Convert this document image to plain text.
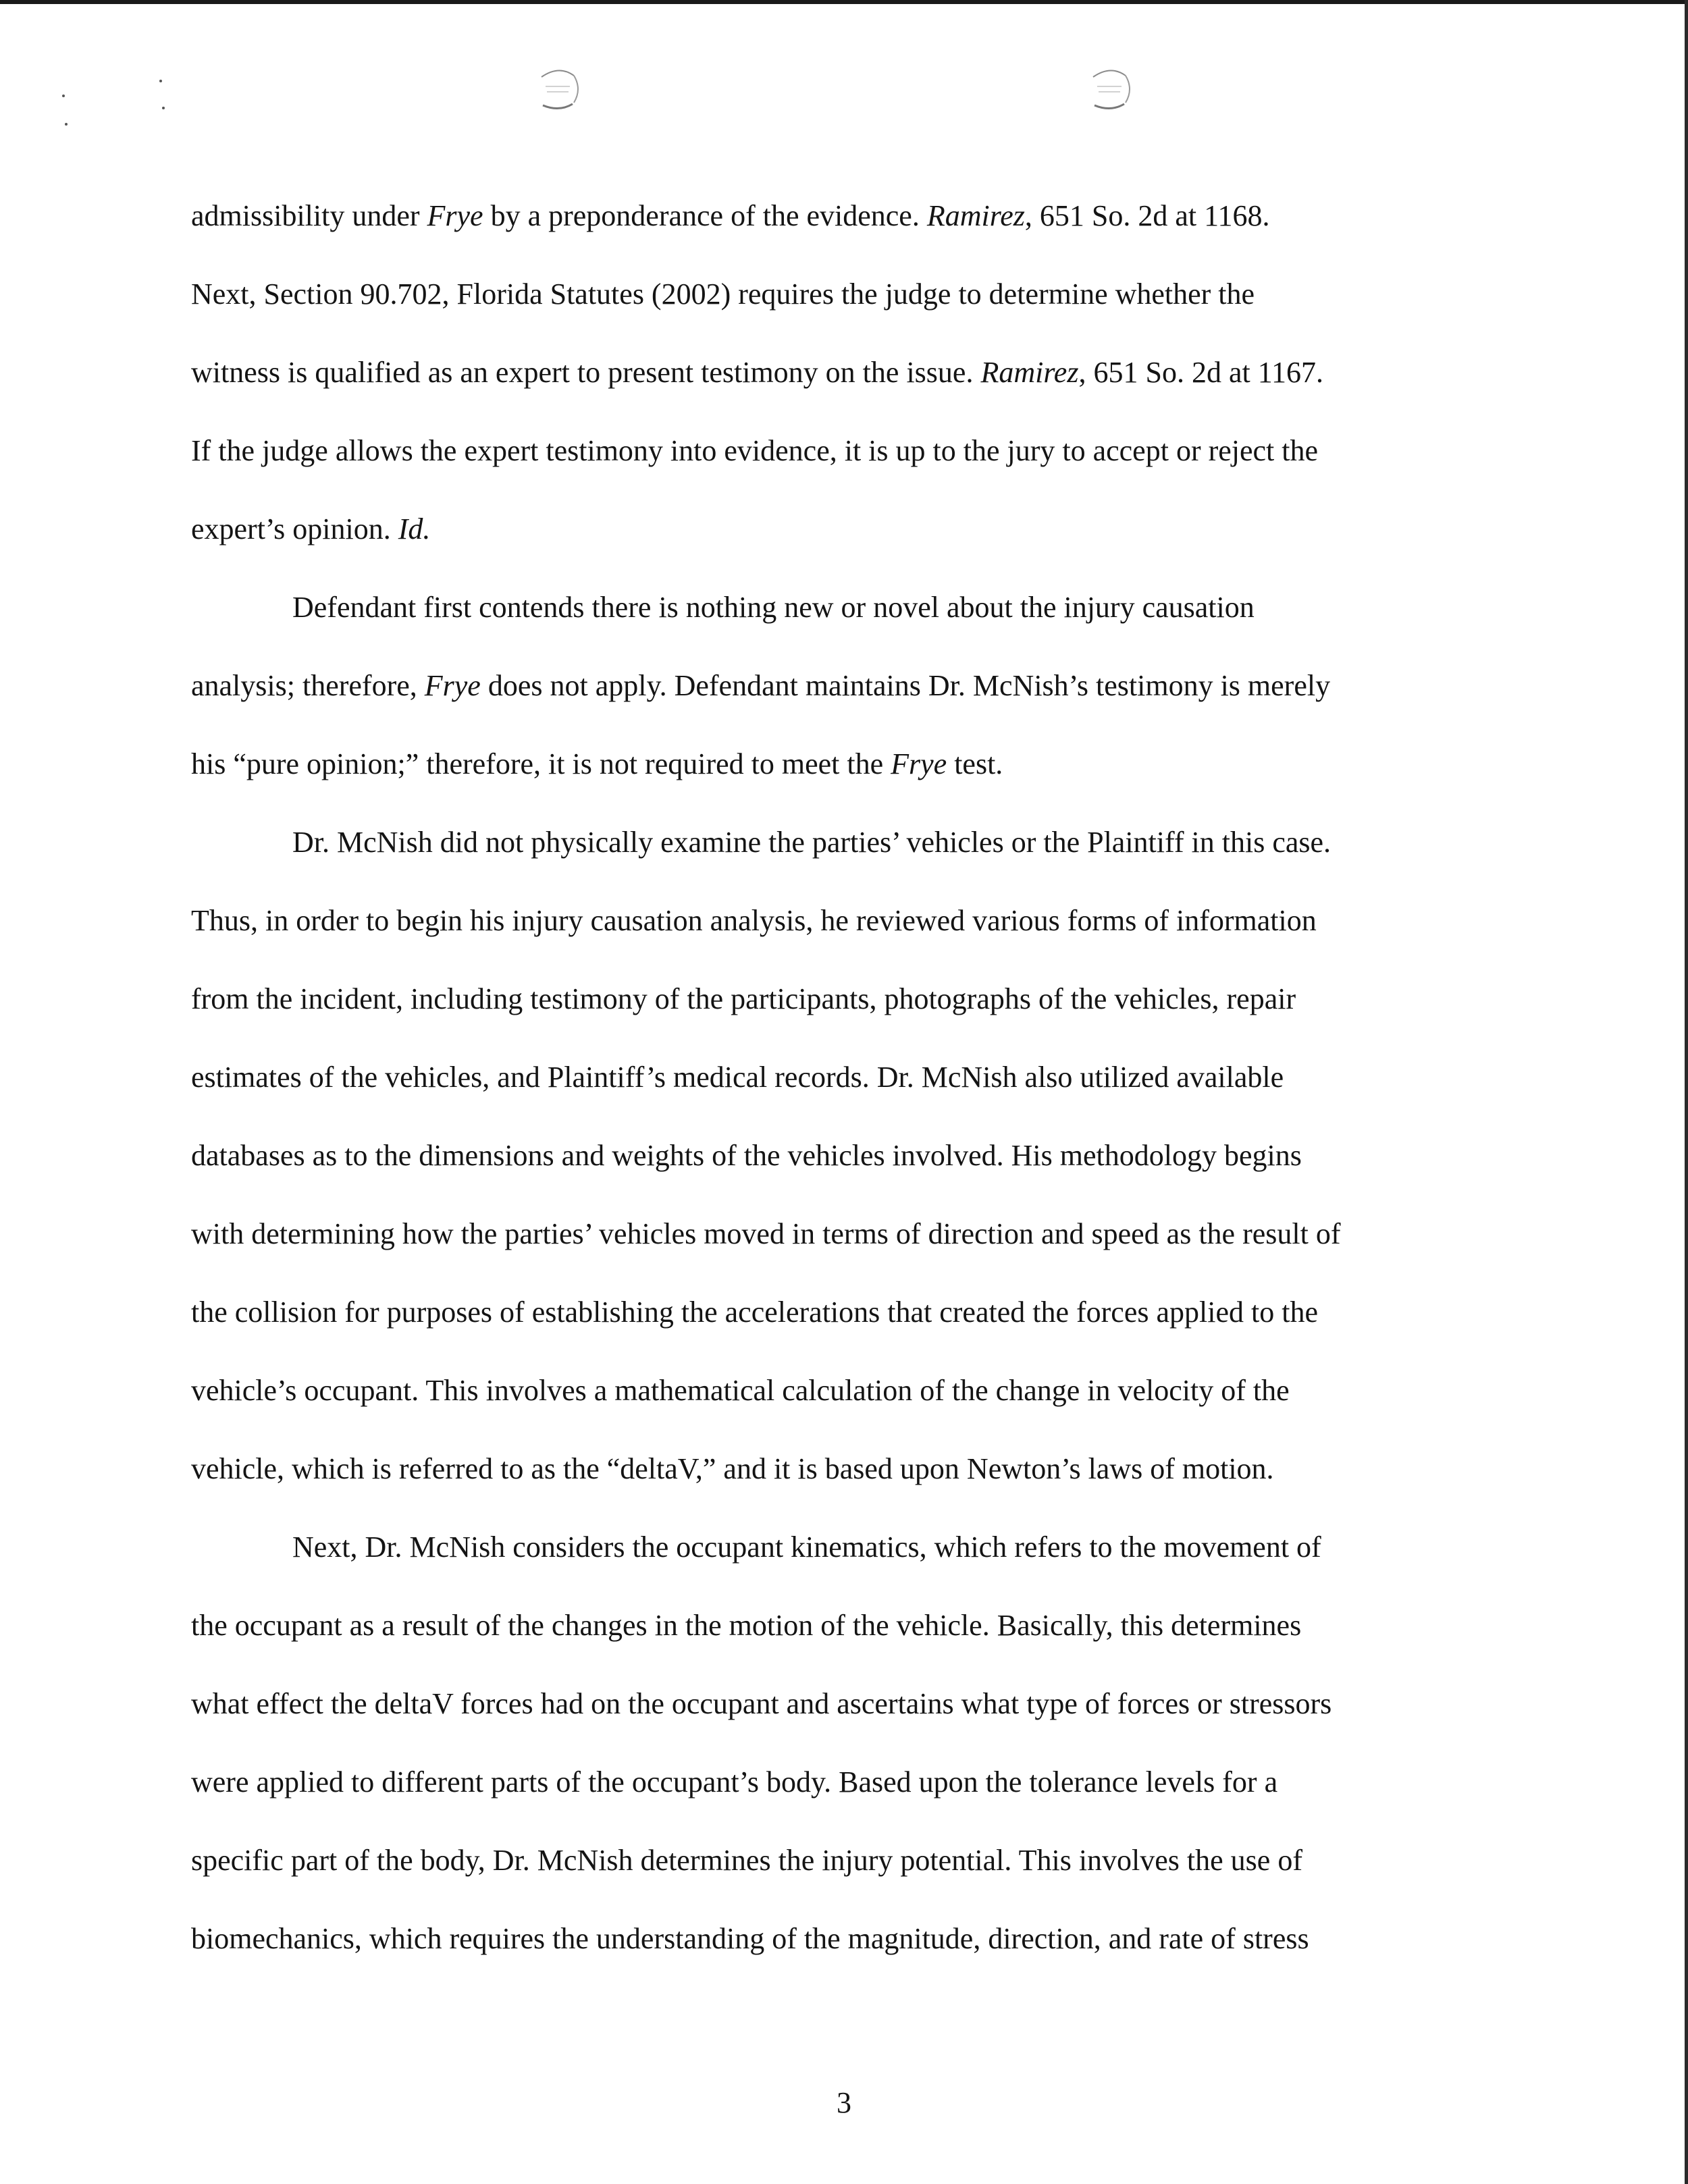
admissibility under Frye by a preponderance of the evidence. Ramirez, 651 So. 2d at 1168.
Next, Section 90.702, Florida Statutes (2002) requires the judge to determine whether the
witness is qualified as an expert to present testimony on the issue. Ramirez, 651 So. 2d at 1167.
If the judge allows the expert testimony into evidence, it is up to the jury to accept or reject the
expert’s opinion. Id.
Defendant first contends there is nothing new or novel about the injury causation
analysis; therefore, Frye does not apply. Defendant maintains Dr. McNish’s testimony is merely
his “pure opinion;” therefore, it is not required to meet the Frye test.
Dr. McNish did not physically examine the parties’ vehicles or the Plaintiff in this case.
Thus, in order to begin his injury causation analysis, he reviewed various forms of information
from the incident, including testimony of the participants, photographs of the vehicles, repair
estimates of the vehicles, and Plaintiff’s medical records. Dr. McNish also utilized available
databases as to the dimensions and weights of the vehicles involved. His methodology begins
with determining how the parties’ vehicles moved in terms of direction and speed as the result of
the collision for purposes of establishing the accelerations that created the forces applied to the
vehicle’s occupant. This involves a mathematical calculation of the change in velocity of the
vehicle, which is referred to as the “deltaV,” and it is based upon Newton’s laws of motion.
Next, Dr. McNish considers the occupant kinematics, which refers to the movement of
the occupant as a result of the changes in the motion of the vehicle. Basically, this determines
what effect the deltaV forces had on the occupant and ascertains what type of forces or stressors
were applied to different parts of the occupant’s body. Based upon the tolerance levels for a
specific part of the body, Dr. McNish determines the injury potential. This involves the use of
biomechanics, which requires the understanding of the magnitude, direction, and rate of stress
3
